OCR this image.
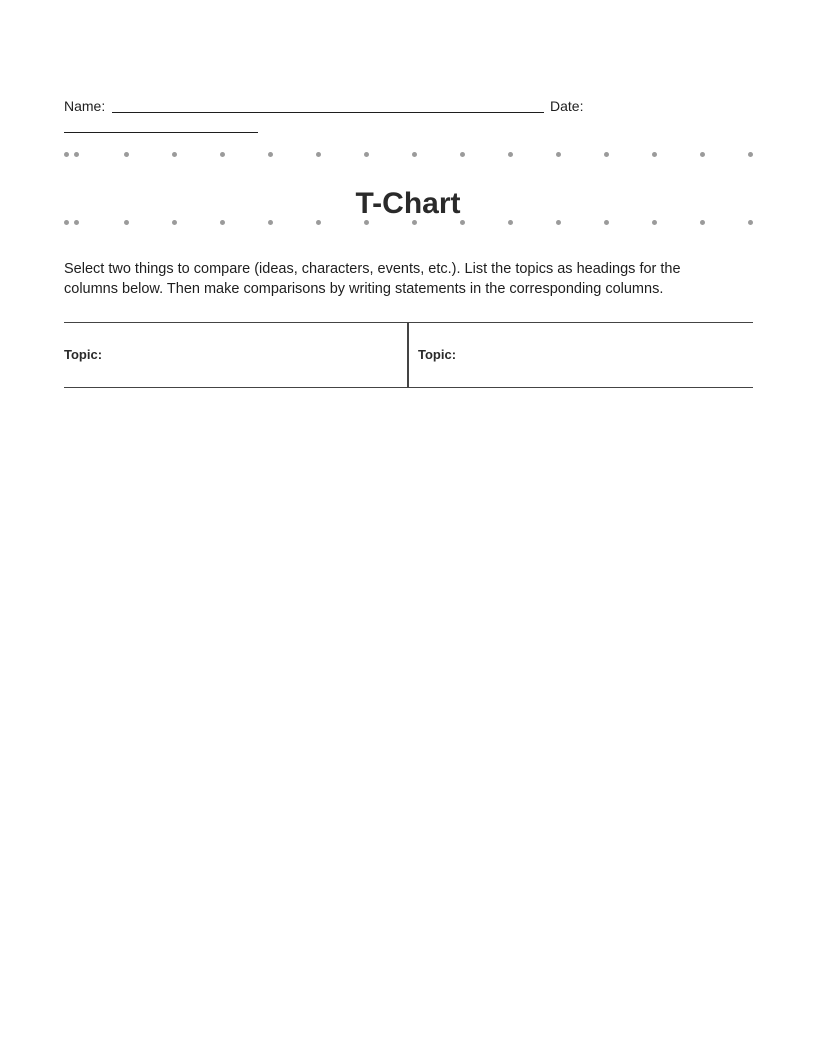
Name:	Date:
T-Chart
Select two things to compare (ideas, characters, events, etc.). List the topics as headings for the columns below. Then make comparisons by writing statements in the corresponding columns.
Topic:	Topic:
